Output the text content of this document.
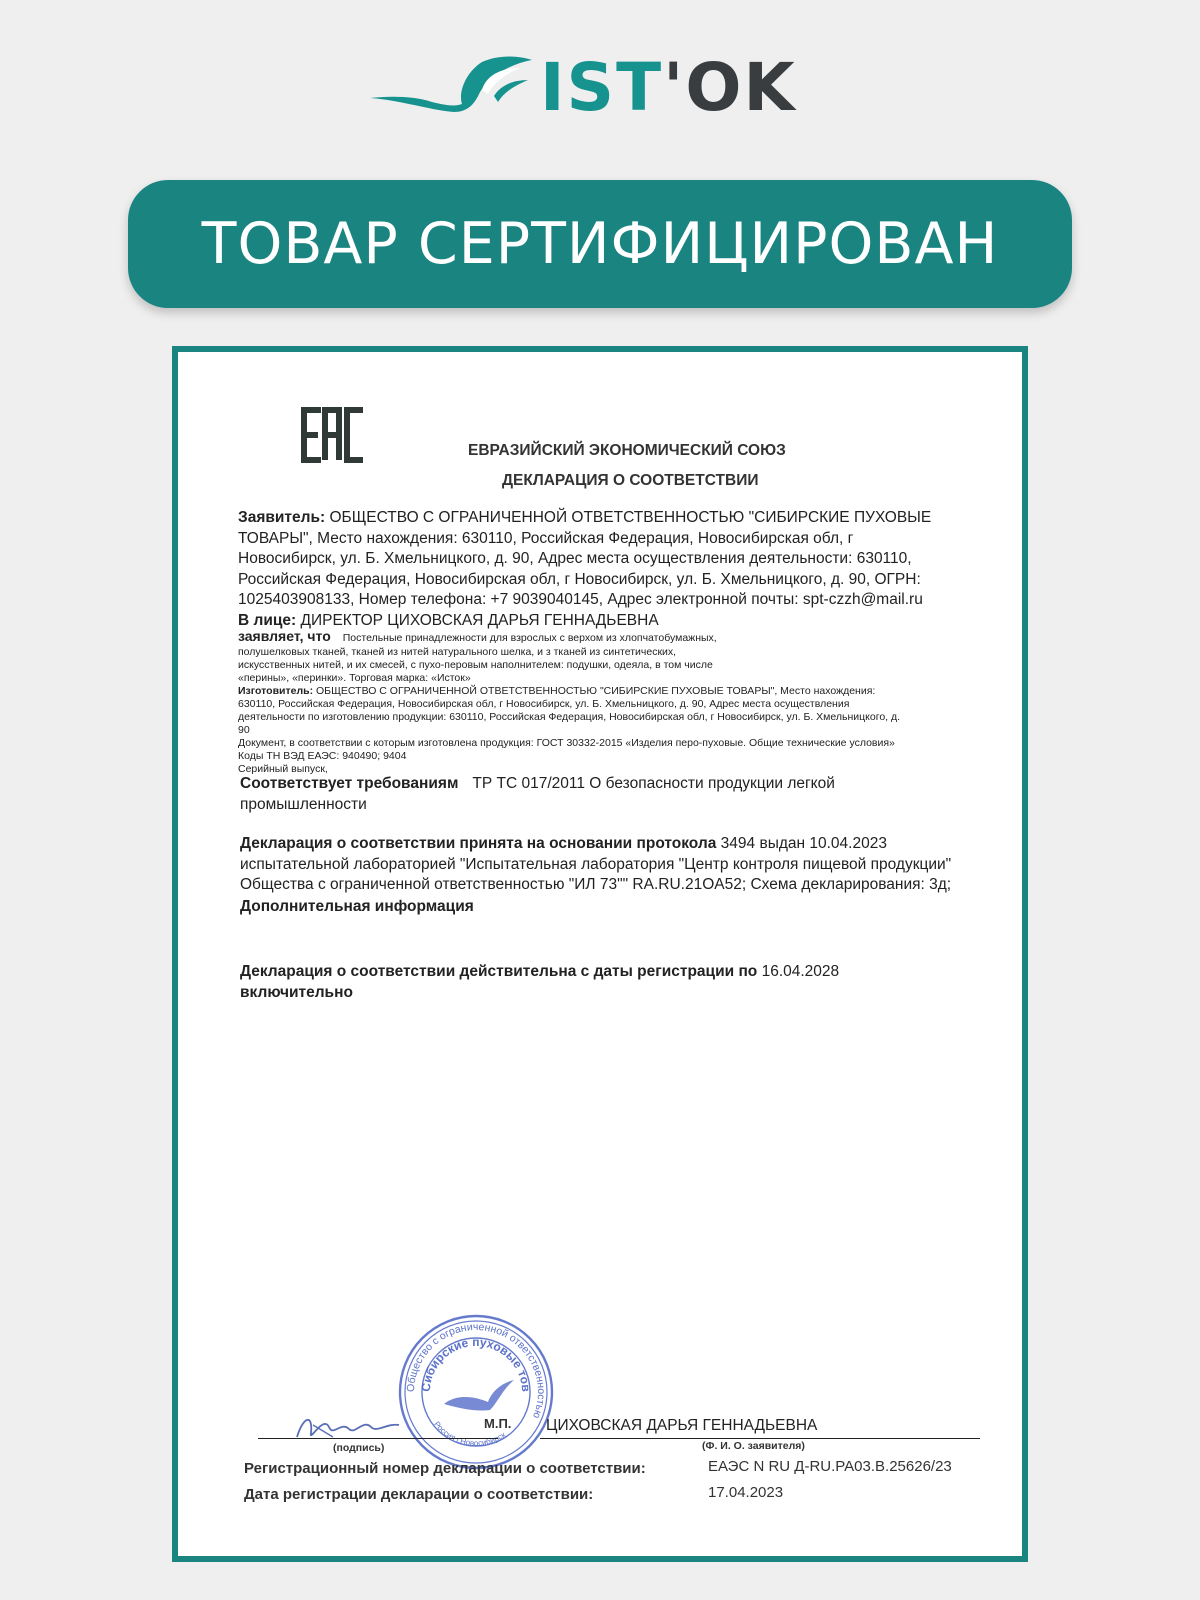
IST'OK
ТОВАР СЕРТИФИЦИРОВАН
ЕВРАЗИЙСКИЙ ЭКОНОМИЧЕСКИЙ СОЮЗ
ДЕКЛАРАЦИЯ О СООТВЕТСТВИИ
Заявитель: ОБЩЕСТВО С ОГРАНИЧЕННОЙ ОТВЕТСТВЕННОСТЬЮ "СИБИРСКИЕ ПУХОВЫЕ
ТОВАРЫ", Место нахождения: 630110, Российская Федерация, Новосибирская обл, г
Новосибирск, ул. Б. Хмельницкого, д. 90, Адрес места осуществления деятельности: 630110,
Российская Федерация, Новосибирская обл, г Новосибирск, ул. Б. Хмельницкого, д. 90, ОГРН:
1025403908133, Номер телефона: +7 9039040145, Адрес электронной почты: spt-czzh@mail.ru
В лице: ДИРЕКТОР ЦИХОВСКАЯ ДАРЬЯ ГЕННАДЬЕВНА
заявляет, что Постельные принадлежности для взрослых с верхом из хлопчатобумажных,
полушелковых тканей, тканей из нитей натурального шелка, и з тканей из синтетических,
искусственных нитей, и их смесей, с пухо-перовым наполнителем: подушки, одеяла, в том числе
«перины», «перинки». Торговая марка: «Исток»
Изготовитель: ОБЩЕСТВО С ОГРАНИЧЕННОЙ ОТВЕТСТВЕННОСТЬЮ "СИБИРСКИЕ ПУХОВЫЕ ТОВАРЫ", Место нахождения:
630110, Российская Федерация, Новосибирская обл, г Новосибирск, ул. Б. Хмельницкого, д. 90, Адрес места осуществления
деятельности по изготовлению продукции: 630110, Российская Федерация, Новосибирская обл, г Новосибирск, ул. Б. Хмельницкого, д.
90
Документ, в соответствии с которым изготовлена продукция: ГОСТ 30332-2015 «Изделия перо-пуховые. Общие технические условия»
Коды ТН ВЭД ЕАЭС: 940490; 9404
Серийный выпуск,
Соответствует требованиям ТР ТС 017/2011 О безопасности продукции легкой
промышленности
Декларация о соответствии принята на основании протокола 3494 выдан 10.04.2023
испытательной лабораторией "Испытательная лаборатория "Центр контроля пищевой продукции"
Общества с ограниченной ответственностью "ИЛ 73"" RA.RU.21OA52; Схема декларирования: 3д;
Дополнительная информация
Декларация о соответствии действительна с даты регистрации по 16.04.2028
включительно
Общество с ограниченной ответственностью
Сибирские пуховые тов
Россия г.Новосибирск
М.П. ЦИХОВСКАЯ ДАРЬЯ ГЕННАДЬЕВНА
(подпись)	(Ф. И. О. заявителя)
Регистрационный номер декларации о соответствии:	ЕАЭС N RU Д-RU.PA03.B.25626/23
Дата регистрации декларации о соответствии:	17.04.2023
